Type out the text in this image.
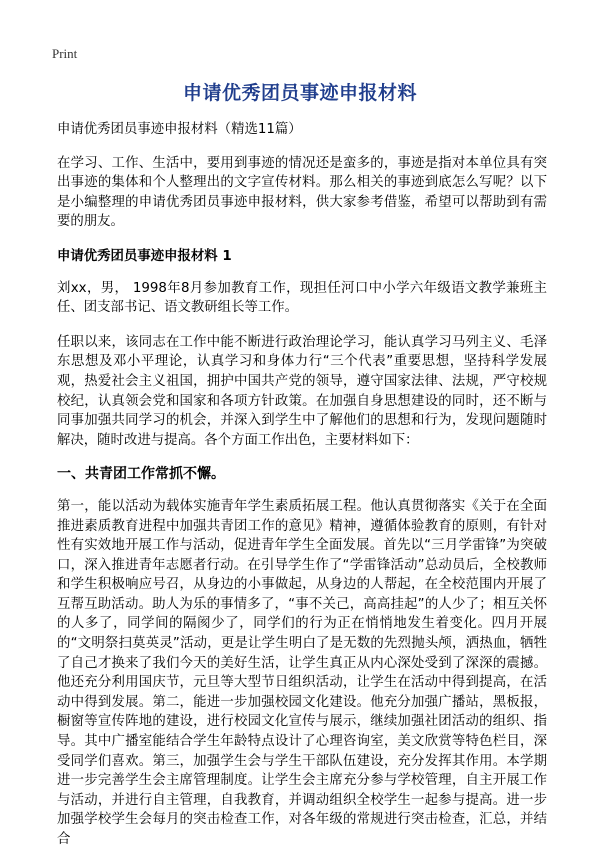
Print
申请优秀团员事迹申报材料

申请优秀团员事迹申报材料（精选11篇）

在学习、工作、生活中，要用到事迹的情况还是蛮多的，事迹是指对本单位具有突出事迹的集体和个人整理出的文字宣传材料。那么相关的事迹到底怎么写呢？以下是小编整理的申请优秀团员事迹申报材料，供大家参考借鉴，希望可以帮助到有需要的朋友。

申请优秀团员事迹申报材料 1

刘xx，男， 1998年8月参加教育工作，现担任河口中小学六年级语文教学兼班主任、团支部书记、语文教研组长等工作。

任职以来，该同志在工作中能不断进行政治理论学习，能认真学习马列主义、毛泽东思想及邓小平理论，认真学习和身体力行“三个代表”重要思想，坚持科学发展观，热爱社会主义祖国，拥护中国共产党的领导，遵守国家法律、法规，严守校规校纪，认真领会党和国家和各项方针政策。在加强自身思想建设的同时，还不断与同事加强共同学习的机会，并深入到学生中了解他们的思想和行为，发现问题随时解决，随时改进与提高。各个方面工作出色，主要材料如下：

一、共青团工作常抓不懈。

第一，能以活动为载体实施青年学生素质拓展工程。他认真贯彻落实《关于在全面推进素质教育进程中加强共青团工作的意见》精神，遵循体验教育的原则，有针对性有实效地开展工作与活动，促进青年学生全面发展。首先以“三月学雷锋”为突破口，深入推进青年志愿者行动。在引导学生作了“学雷锋活动”总动员后，全校教师和学生积极响应号召，从身边的小事做起，从身边的人帮起，在全校范围内开展了互帮互助活动。助人为乐的事情多了，“事不关己，高高挂起”的人少了；相互关怀的人多了，同学间的隔阂少了，同学们的行为正在悄悄地发生着变化。四月开展的“文明祭扫莫英灵”活动，更是让学生明白了是无数的先烈抛头颅，洒热血，牺牲了自己才换来了我们今天的美好生活，让学生真正从内心深处受到了深深的震撼。他还充分利用国庆节，元旦等大型节日组织活动，让学生在活动中得到提高，在活动中得到发展。第二，能进一步加强校园文化建设。他充分加强广播站，黑板报，橱窗等宣传阵地的建设，进行校园文化宣传与展示，继续加强社团活动的组织、指导。其中广播室能结合学生年龄特点设计了心理咨询室，美文欣赏等特色栏目，深受同学们喜欢。第三，加强学生会与学生干部队伍建设，充分发挥其作用。本学期进一步完善学生会主席管理制度。让学生会主席充分参与学校管理，自主开展工作与活动，并进行自主管理，自我教育，并调动组织全校学生一起参与提高。进一步加强学校学生会每月的突击检查工作，对各年级的常规进行突击检查，汇总，并结合
